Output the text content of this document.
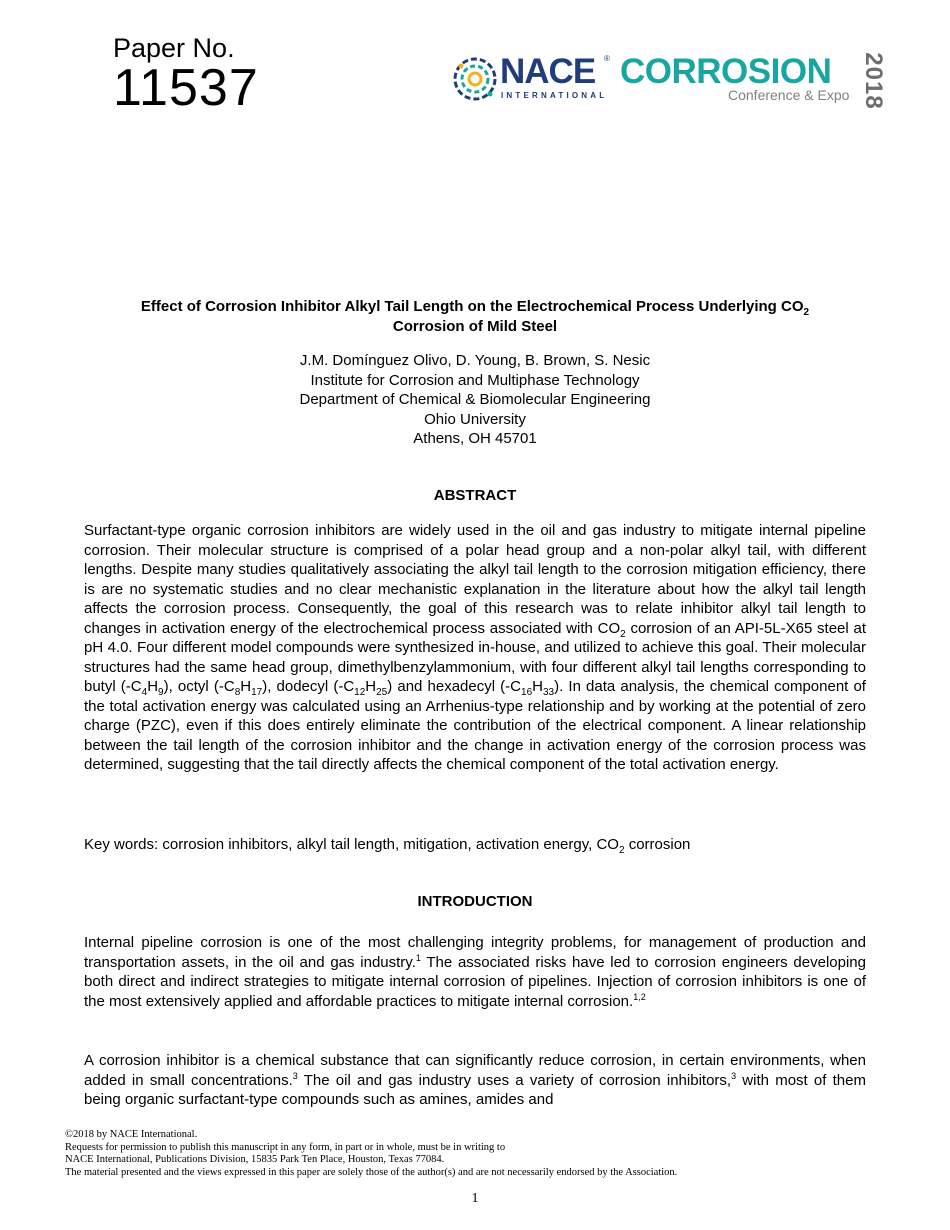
Paper No.
11537	NACE ®
INTERNATIONAL
CORROSION
Conference & Expo 2018
Effect of Corrosion Inhibitor Alkyl Tail Length on the Electrochemical Process Underlying $CO_2$
Corrosion of Mild Steel
J.M. Domínguez Olivo, D. Young, B. Brown, S. Nesic
Institute for Corrosion and Multiphase Technology
Department of Chemical & Biomolecular Engineering
Ohio University
Athens, OH 45701
ABSTRACT
Surfactant-type organic corrosion inhibitors are widely used in the oil and gas industry to mitigate internal pipeline corrosion. Their molecular structure is comprised of a polar head group and a non-polar alkyl tail, with different lengths. Despite many studies qualitatively associating the alkyl tail length to the corrosion mitigation efficiency, there is are no systematic studies and no clear mechanistic explanation in the literature about how the alkyl tail length affects the corrosion process. Consequently, the goal of this research was to relate inhibitor alkyl tail length to changes in activation energy of the electrochemical process associated with $CO_2$ corrosion of an API-5L-X65 steel at pH 4.0. Four different model compounds were synthesized in-house, and utilized to achieve this goal. Their molecular structures had the same head group, dimethylbenzylammonium, with four different alkyl tail lengths corresponding to butyl $(-C_4H_9)$, octyl $(-C_8H_{17})$, dodecyl $(-C_{12}H_{25})$ and hexadecyl $(-C_{16}H_{33})$. In data analysis, the chemical component of the total activation energy was calculated using an Arrhenius-type relationship and by working at the potential of zero charge (PZC), even if this does entirely eliminate the contribution of the electrical component. A linear relationship between the tail length of the corrosion inhibitor and the change in activation energy of the corrosion process was determined, suggesting that the tail directly affects the chemical component of the total activation energy.
Key words: corrosion inhibitors, alkyl tail length, mitigation, activation energy, $CO_2$ corrosion
INTRODUCTION
Internal pipeline corrosion is one of the most challenging integrity problems, for management of production and transportation assets, in the oil and gas industry.$^1$ The associated risks have led to corrosion engineers developing both direct and indirect strategies to mitigate internal corrosion of pipelines. Injection of corrosion inhibitors is one of the most extensively applied and affordable practices to mitigate internal corrosion.$^{1,2}$
A corrosion inhibitor is a chemical substance that can significantly reduce corrosion, in certain environments, when added in small concentrations.$^3$ The oil and gas industry uses a variety of corrosion inhibitors,$^3$ with most of them being organic surfactant-type compounds such as amines, amides and
©2018 by NACE International.
Requests for permission to publish this manuscript in any form, in part or in whole, must be in writing to
NACE International, Publications Division, 15835 Park Ten Place, Houston, Texas 77084.
The material presented and the views expressed in this paper are solely those of the author(s) and are not necessarily endorsed by the Association.
1
